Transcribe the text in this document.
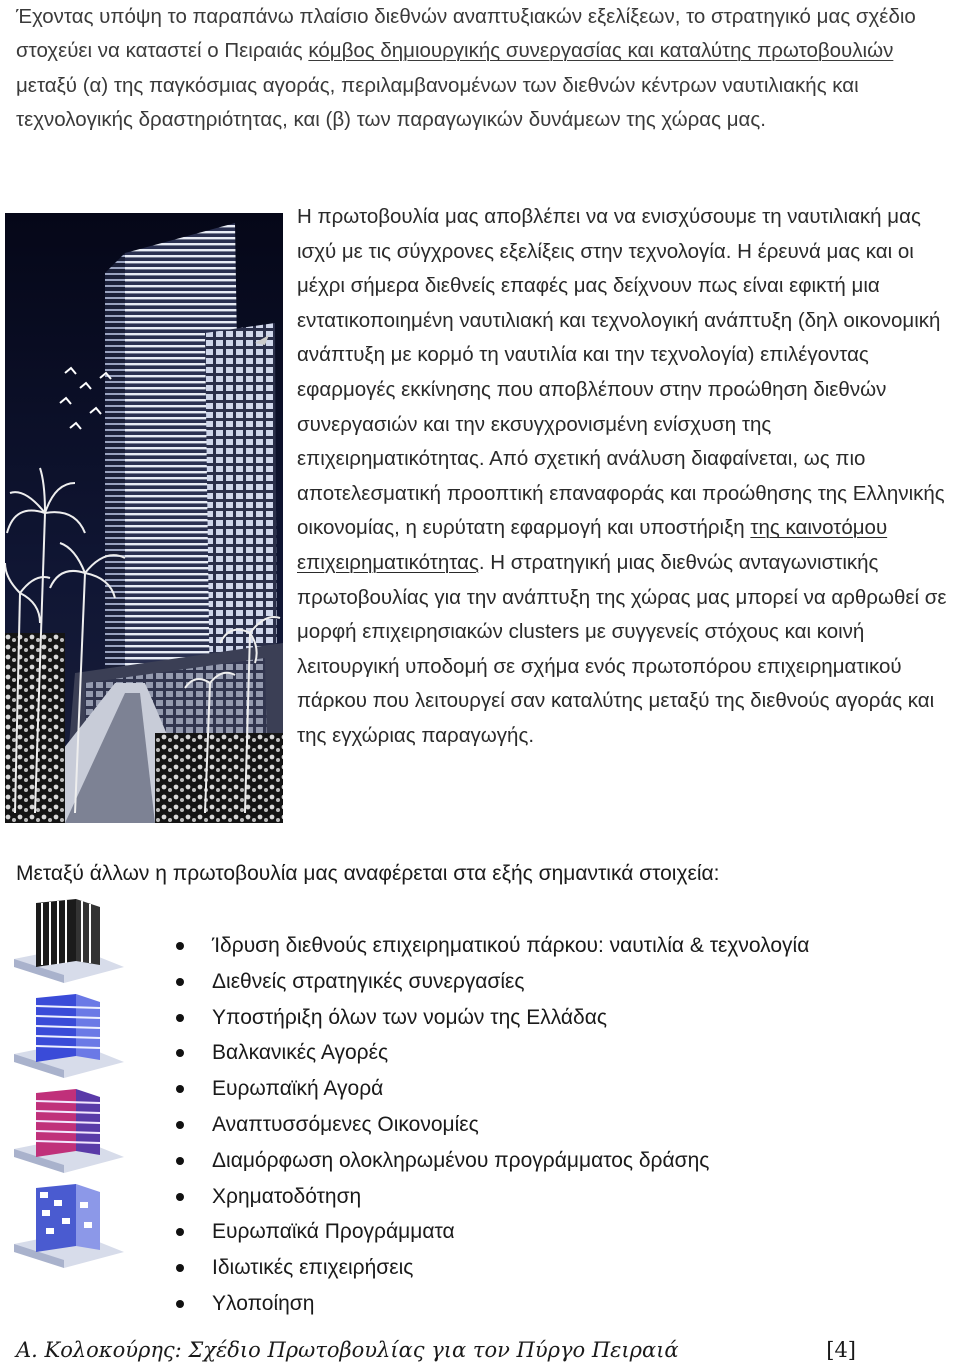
Έχοντας υπόψη το παραπάνω πλαίσιο διεθνών αναπτυξιακών εξελίξεων, το στρατηγικό μας σχέδιο στοχεύει να καταστεί ο Πειραιάς κόμβος δημιουργικής συνεργασίας και καταλύτης πρωτοβουλιών μεταξύ (α) της παγκόσμιας αγοράς, περιλαμβανομένων των διεθνών κέντρων ναυτιλιακής και τεχνολογικής δραστηριότητας, και (β) των παραγωγικών δυνάμεων της χώρας μας.
Η πρωτοβουλία μας αποβλέπει να να ενισχύσουμε τη ναυτιλιακή μας ισχύ με τις σύγχρονες εξελίξεις στην τεχνολογία. Η έρευνά μας και οι μέχρι σήμερα διεθνείς επαφές μας δείχνουν πως είναι εφικτή μια εντατικοποιημένη ναυτιλιακή και τεχνολογική ανάπτυξη (δηλ οικονομική ανάπτυξη με κορμό τη ναυτιλία και την τεχνολογία) επιλέγοντας εφαρμογές εκκίνησης που αποβλέπουν στην προώθηση διεθνών συνεργασιών και την εκσυγχρονισμένη ενίσχυση της επιχειρηματικότητας. Από σχετική ανάλυση διαφαίνεται, ως πιο αποτελεσματική προοπτική επαναφοράς και προώθησης της Ελληνικής οικονομίας, η ευρύτατη εφαρμογή και υποστήριξη της καινοτόμου επιχειρηματικότητας. Η στρατηγική μιας διεθνώς ανταγωνιστικής πρωτοβουλίας για την ανάπτυξη της χώρας μας μπορεί να αρθρωθεί σε μορφή επιχειρησιακών clusters με συγγενείς στόχους και κοινή λειτουργική υποδομή σε σχήμα ενός πρωτοπόρου επιχειρηματικού πάρκου που λειτουργεί σαν καταλύτης μεταξύ της διεθνούς αγοράς και της εγχώριας παραγωγής.
Μεταξύ άλλων η πρωτοβουλία μας αναφέρεται στα εξής σημαντικά στοιχεία:
Ίδρυση διεθνούς επιχειρηματικού πάρκου: ναυτιλία & τεχνολογία
Διεθνείς στρατηγικές συνεργασίες
Υποστήριξη όλων των νομών της Ελλάδας
Βαλκανικές Αγορές
Ευρωπαϊκή Αγορά
Αναπτυσσόμενες Οικονομίες
Διαμόρφωση ολοκληρωμένου προγράμματος δράσης
Χρηματοδότηση
Ευρωπαϊκά Προγράμματα
Ιδιωτικές επιχειρήσεις
Υλοποίηση
Α. Κολοκούρης: Σχέδιο Πρωτοβουλίας για τον Πύργο Πειραιά	[4]
